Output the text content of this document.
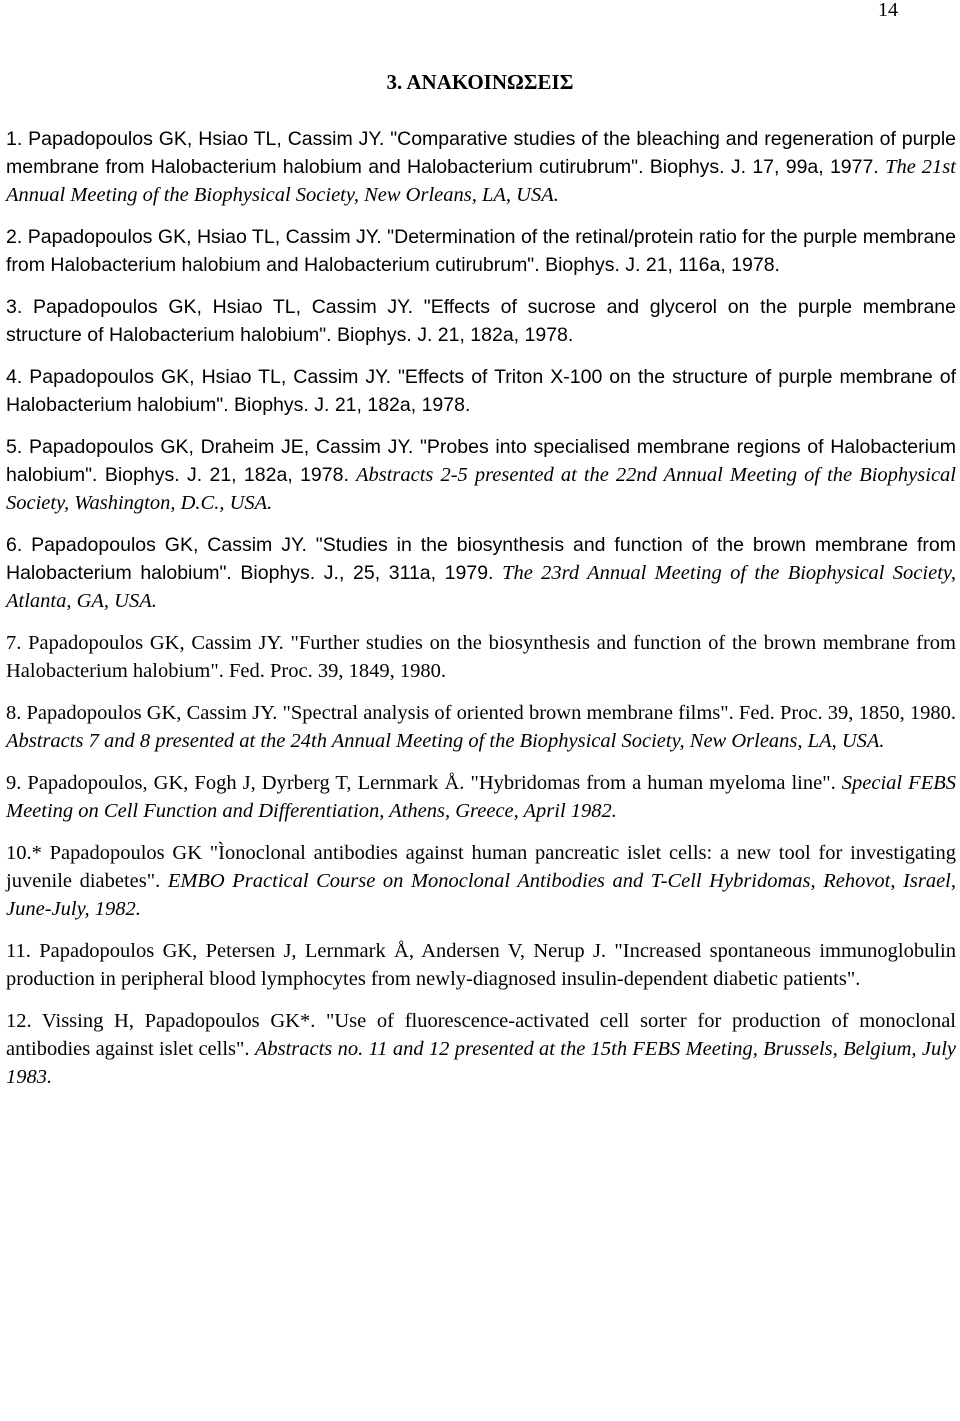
14
3. ΑΝΑΚΟΙΝΩΣΕΙΣ

1. Papadopoulos GK, Hsiao TL, Cassim JY. "Comparative studies of the bleaching and regeneration of purple membrane from Halobacterium halobium and Halobacterium cutirubrum". Biophys. J. 17, 99a, 1977. The 21st Annual Meeting of the Biophysical Society, New Orleans, LA, USA.

2. Papadopoulos GK, Hsiao TL, Cassim JY. "Determination of the retinal/protein ratio for the purple membrane from Halobacterium halobium and Halobacterium cutirubrum". Biophys. J. 21, 116a, 1978.

3. Papadopoulos GK, Hsiao TL, Cassim JY. "Effects of sucrose and glycerol on the purple membrane structure of Halobacterium halobium". Biophys. J. 21, 182a, 1978.

4. Papadopoulos GK, Hsiao TL, Cassim JY. "Effects of Triton X-100 on the structure of purple membrane of Halobacterium halobium". Biophys. J. 21, 182a, 1978.

5. Papadopoulos GK, Draheim JE, Cassim JY. "Probes into specialised membrane regions of Halobacterium halobium". Biophys. J. 21, 182a, 1978. Abstracts 2-5 presented at the 22nd Annual Meeting of the Biophysical Society, Washington, D.C., USA.

6. Papadopoulos GK, Cassim JY. "Studies in the biosynthesis and function of the brown membrane from Halobacterium halobium". Biophys. J., 25, 311a, 1979. The 23rd Annual Meeting of the Biophysical Society, Atlanta, GA, USA.

7. Papadopoulos GK, Cassim JY. "Further studies on the biosynthesis and function of the brown membrane from Halobacterium halobium". Fed. Proc. 39, 1849, 1980.

8. Papadopoulos GK, Cassim JY. "Spectral analysis of oriented brown membrane films". Fed. Proc. 39, 1850, 1980. Abstracts 7 and 8 presented at the 24th Annual Meeting of the Biophysical Society, New Orleans, LA, USA.

9. Papadopoulos, GK, Fogh J, Dyrberg T, Lernmark Å. "Hybridomas from a human myeloma line". Special FEBS Meeting on Cell Function and Differentiation, Athens, Greece, April 1982.

10.* Papadopoulos GK "Ìonoclonal antibodies against human pancreatic islet cells: a new tool for investigating juvenile diabetes". EMBO Practical Course on Monoclonal Antibodies and T-Cell Hybridomas, Rehovot, Israel, June-July, 1982.

11. Papadopoulos GK, Petersen J, Lernmark Å, Andersen V, Nerup J. "Increased spontaneous immunoglobulin production in peripheral blood lymphocytes from newly-diagnosed insulin-dependent diabetic patients".

12. Vissing H, Papadopoulos GK*. "Use of fluorescence-activated cell sorter for production of monoclonal antibodies against islet cells". Abstracts no. 11 and 12 presented at the 15th FEBS Meeting, Brussels, Belgium, July 1983.
